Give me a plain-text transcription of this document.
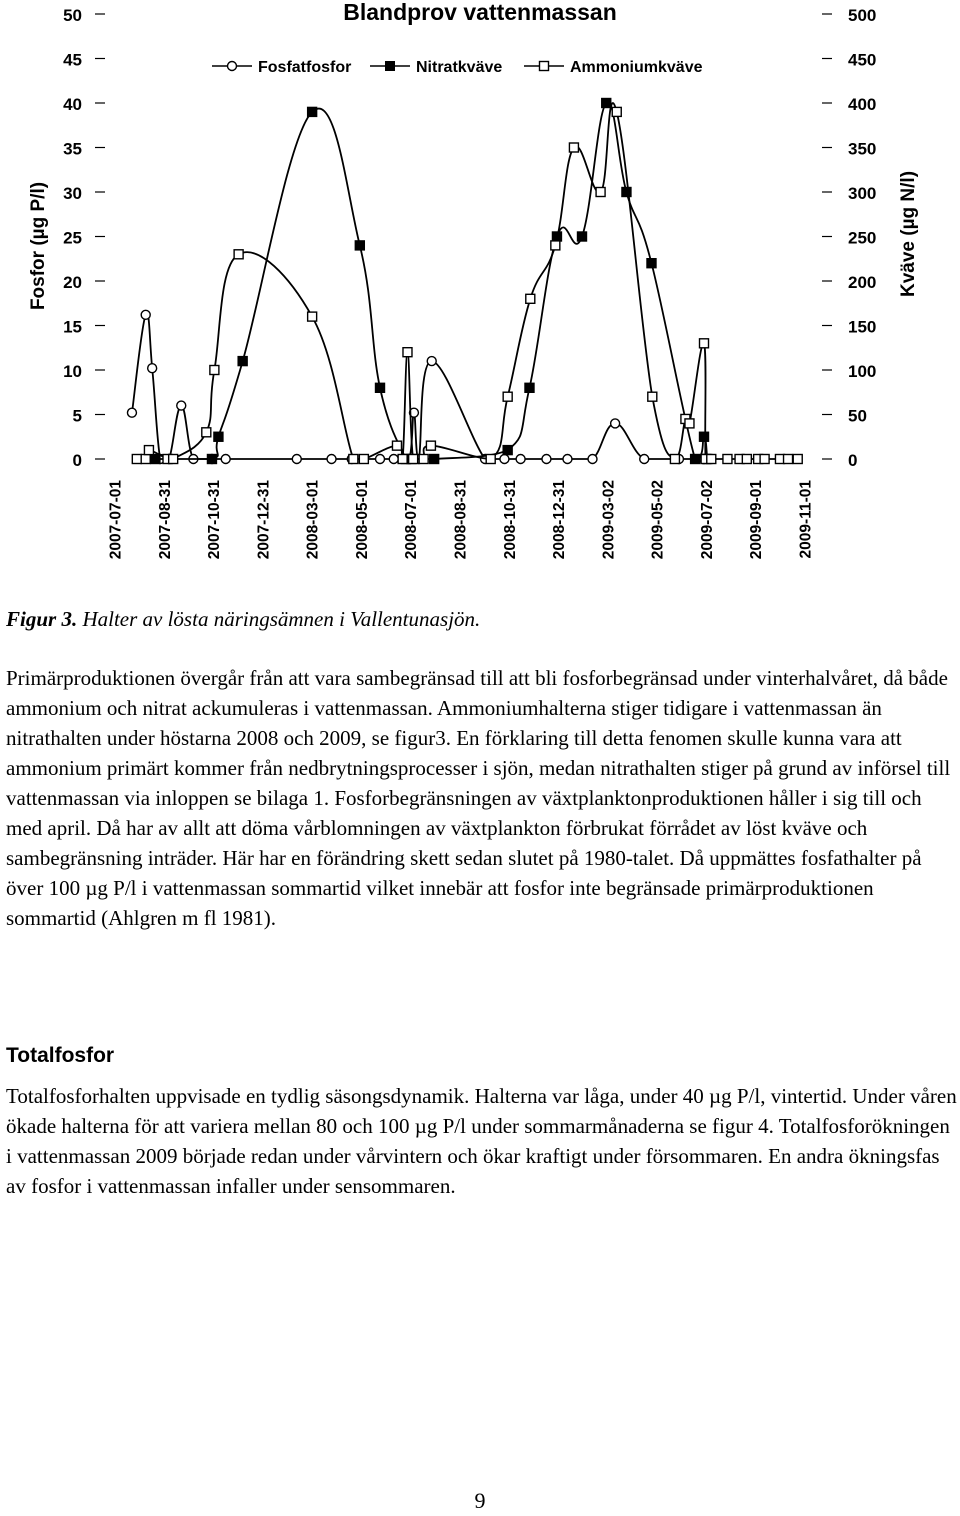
0
5
10
15
20
25
30
35
40
45
50
0
50
100
150
200
250
300
350
400
450
500
2007-07-01 2007-08-31 2007-10-31 2007-12-31 2008-03-01 2008-05-01 2008-07-01 2008-08-31 2008-10-31 2008-12-31 2009-03-02 2009-05-02 2009-07-02 2009-09-01 2009-11-01
Blandprov vattenmassan
Fosfor (µg P/l)	Kväve (µg N/l)
Fosfatfosfor	Nitratkväve	Ammoniumkväve
Figur 3. Halter av lösta näringsämnen i Vallentunasjön.

Primärproduktionen övergår från att vara sambegränsad till att bli fosforbegränsad under vinterhalvåret, då både ammonium och nitrat ackumuleras i vattenmassan. Ammoniumhalterna stiger tidigare i vattenmassan än nitrathalten under höstarna 2008 och 2009, se figur3. En förklaring till detta fenomen skulle kunna vara att ammonium primärt kommer från nedbrytningsprocesser i sjön, medan nitrathalten stiger på grund av införsel till vattenmassan via inloppen se bilaga 1. Fosforbegränsningen av växtplanktonproduktionen håller i sig till och med april. Då har av allt att döma vårblomningen av växtplankton förbrukat förrådet av löst kväve och sambegränsning inträder. Här har en förändring skett sedan slutet på 1980-talet. Då uppmättes fosfathalter på över 100 µg P/l i vattenmassan sommartid vilket innebär att fosfor inte begränsade primärproduktionen sommartid (Ahlgren m fl 1981).

Totalfosfor

Totalfosforhalten uppvisade en tydlig säsongsdynamik. Halterna var låga, under 40 µg P/l, vintertid. Under våren ökade halterna för att variera mellan 80 och 100 µg P/l under sommarmånaderna se figur 4. Totalfosforökningen i vattenmassan 2009 började redan under vårvintern och ökar kraftigt under försommaren. En andra ökningsfas av fosfor i vattenmassan infaller under sensommaren.

9
